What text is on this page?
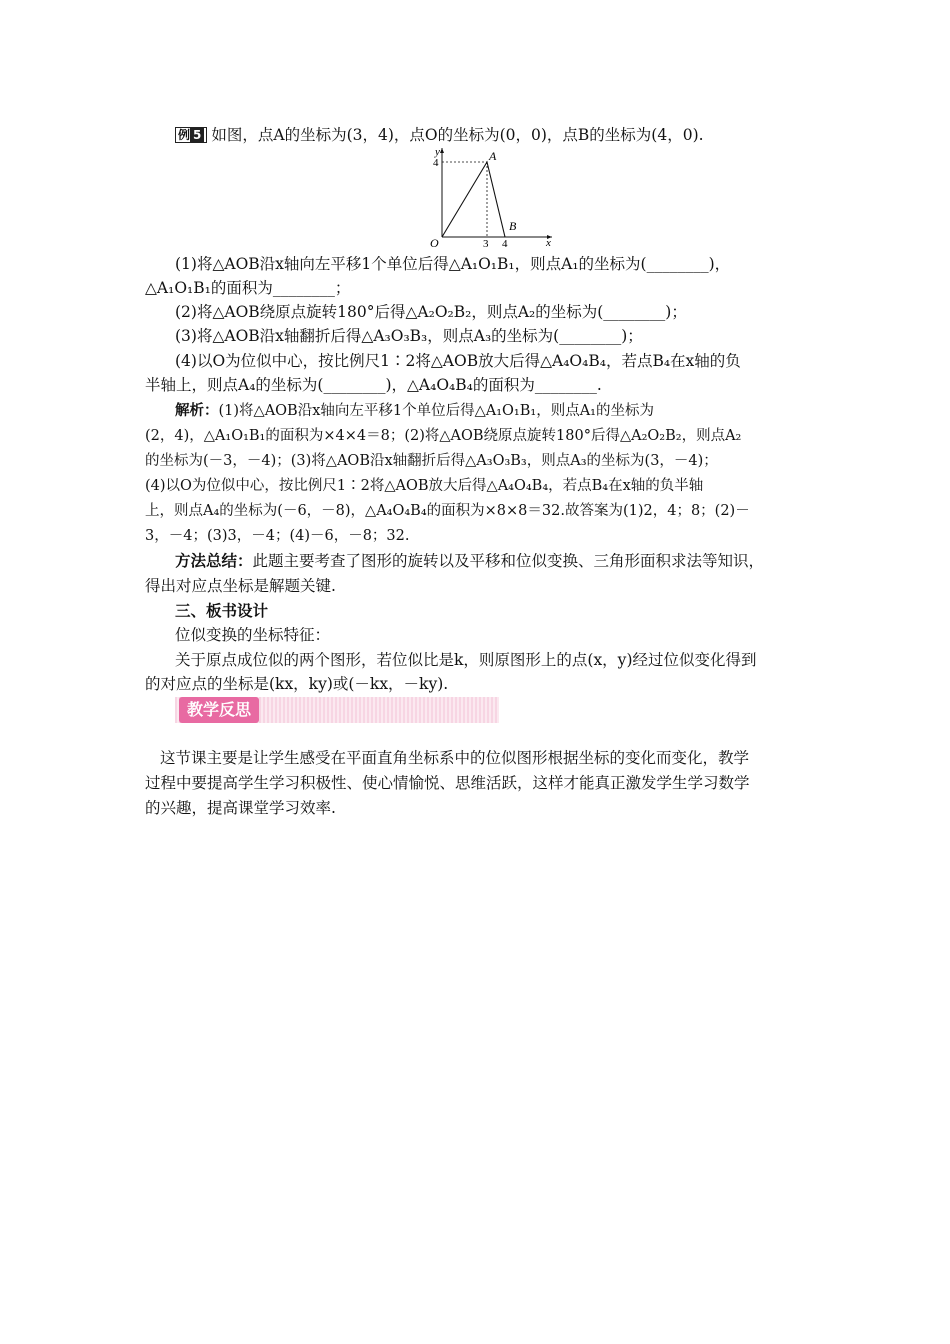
例 5 如图，点A的坐标为(3，4)，点O的坐标为(0，0)，点B的坐标为(4，0).
y
4	A
B
O	3 4	x
(1)将△AOB沿x轴向左平移1个单位后得△A₁O₁B₁，则点A₁的坐标为(________)，
△A₁O₁B₁的面积为________；
(2)将△AOB绕原点旋转180°后得△A₂O₂B₂，则点A₂的坐标为(________)；
(3)将△AOB沿x轴翻折后得△A₃O₃B₃，则点A₃的坐标为(________)；
(4)以O为位似中心，按比例尺1∶2将△AOB放大后得△A₄O₄B₄，若点B₄在x轴的负
半轴上，则点A₄的坐标为(________)，△A₄O₄B₄的面积为________.
解析：(1)将△AOB沿x轴向左平移1个单位后得△A₁O₁B₁，则点A₁的坐标为
(2，4)，△A₁O₁B₁的面积为×4×4＝8；(2)将△AOB绕原点旋转180°后得△A₂O₂B₂，则点A₂
的坐标为(－3，－4)；(3)将△AOB沿x轴翻折后得△A₃O₃B₃，则点A₃的坐标为(3，－4)；
(4)以O为位似中心，按比例尺1∶2将△AOB放大后得△A₄O₄B₄，若点B₄在x轴的负半轴
上，则点A₄的坐标为(－6，－8)，△A₄O₄B₄的面积为×8×8＝32.故答案为(1)2，4；8；(2)－
3，－4；(3)3，－4；(4)－6，－8；32.
方法总结：此题主要考查了图形的旋转以及平移和位似变换、三角形面积求法等知识，
得出对应点坐标是解题关键.
三、板书设计
位似变换的坐标特征：
关于原点成位似的两个图形，若位似比是k，则原图形上的点(x，y)经过位似变化得到
的对应点的坐标是(kx，ky)或(－kx，－ky).
教学反思
这节课主要是让学生感受在平面直角坐标系中的位似图形根据坐标的变化而变化，教学
过程中要提高学生学习积极性、使心情愉悦、思维活跃，这样才能真正激发学生学习数学
的兴趣，提高课堂学习效率.
